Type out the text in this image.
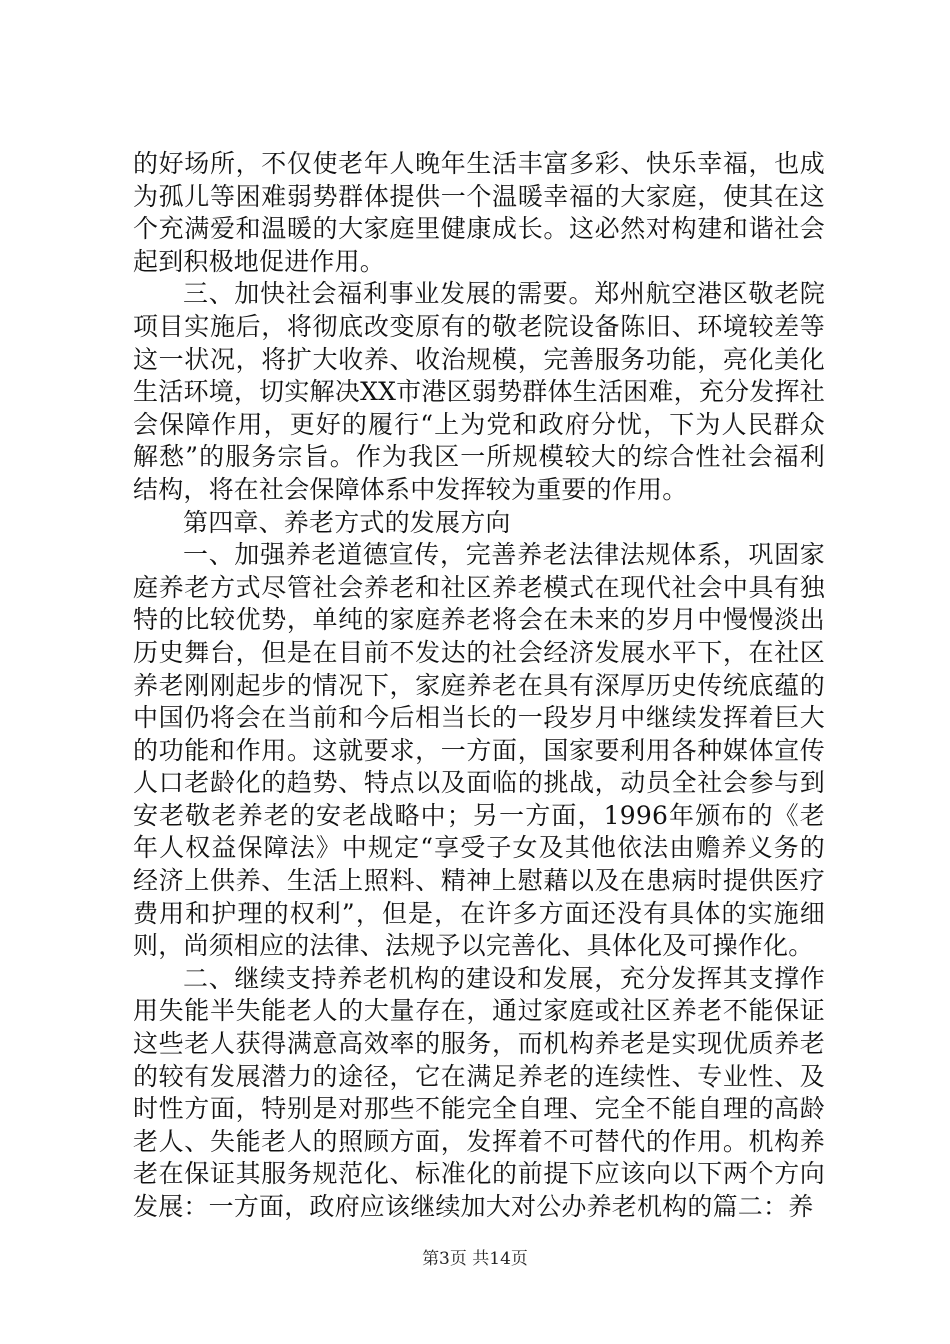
的好场所，不仅使老年人晚年生活丰富多彩、快乐幸福，也成为孤儿等困难弱势群体提供一个温暖幸福的大家庭，使其在这个充满爱和温暖的大家庭里健康成长。这必然对构建和谐社会起到积极地促进作用。

三、加快社会福利事业发展的需要。郑州航空港区敬老院项目实施后，将彻底改变原有的敬老院设备陈旧、环境较差等这一状况，将扩大收养、收治规模，完善服务功能，亮化美化生活环境，切实解决XX市港区弱势群体生活困难，充分发挥社会保障作用，更好的履行“上为党和政府分忧，下为人民群众解愁”的服务宗旨。作为我区一所规模较大的综合性社会福利结构，将在社会保障体系中发挥较为重要的作用。

第四章、养老方式的发展方向

一、加强养老道德宣传，完善养老法律法规体系，巩固家庭养老方式尽管社会养老和社区养老模式在现代社会中具有独特的比较优势，单纯的家庭养老将会在未来的岁月中慢慢淡出历史舞台，但是在目前不发达的社会经济发展水平下，在社区养老刚刚起步的情况下，家庭养老在具有深厚历史传统底蕴的中国仍将会在当前和今后相当长的一段岁月中继续发挥着巨大的功能和作用。这就要求，一方面，国家要利用各种媒体宣传人口老龄化的趋势、特点以及面临的挑战，动员全社会参与到安老敬老养老的安老战略中；另一方面，1996年颁布的《老年人权益保障法》中规定“享受子女及其他依法由赡养义务的经济上供养、生活上照料、精神上慰藉以及在患病时提供医疗费用和护理的权利”，但是，在许多方面还没有具体的实施细则，尚须相应的法律、法规予以完善化、具体化及可操作化。

二、继续支持养老机构的建设和发展，充分发挥其支撑作用失能半失能老人的大量存在，通过家庭或社区养老不能保证这些老人获得满意高效率的服务，而机构养老是实现优质养老的较有发展潜力的途径，它在满足养老的连续性、专业性、及时性方面，特别是对那些不能完全自理、完全不能自理的高龄老人、失能老人的照顾方面，发挥着不可替代的作用。机构养老在保证其服务规范化、标准化的前提下应该向以下两个方向发展：一方面，政府应该继续加大对公办养老机构的篇二：养

第3页 共14页
